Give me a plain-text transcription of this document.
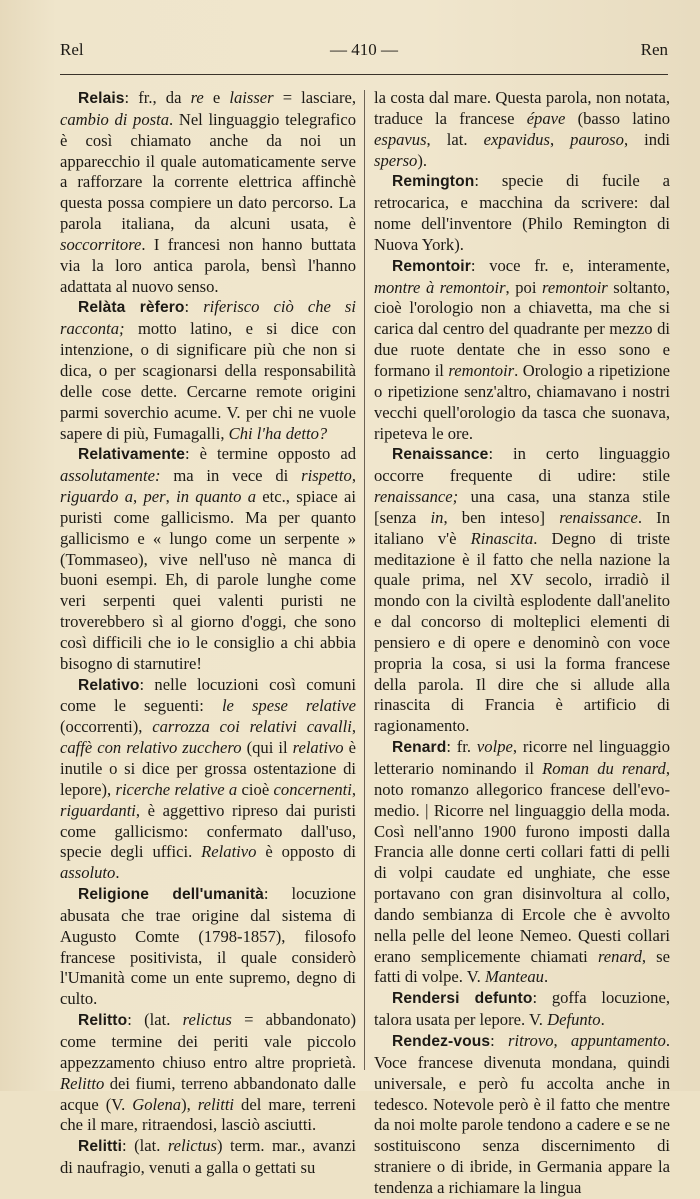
Rel	— 410 —	Ren

Relais: fr., da re e laisser = lasciare, cambio di posta. Nel linguaggio telegrafico è così chiamato anche da noi un apparecchio il quale automaticamente serve a rafforzare la corrente elettrica affinchè questa possa compiere un dato percorso. La parola italiana, da alcuni usata, è soccorritore. I francesi non hanno buttata via la loro antica parola, bensì l'hanno adattata al nuovo senso.

Relàta rèfero: riferisco ciò che si racconta; motto latino, e si dice con intenzione, o di significare più che non si dica, o per scagionarsi della responsabilità delle cose dette. Cercarne remote origini parmi soverchio acume. V. per chi ne vuole sapere di più, Fumagalli, Chi l'ha detto?

Relativamente: è termine opposto ad assolutamente: ma in vece di rispetto, riguardo a, per, in quanto a etc., spiace ai puristi come gallicismo. Ma per quanto gallicismo e « lungo come un serpente » (Tommaseo), vive nell'uso nè manca di buoni esempi. Eh, di parole lunghe come veri serpenti quei valenti puristi ne troverebbero sì al giorno d'oggi, che sono così difficili che io le consiglio a chi abbia bisogno di starnutire!

Relativo: nelle locuzioni così comuni come le seguenti: le spese relative (occorrenti), carrozza coi relativi cavalli, caffè con relativo zucchero (qui il relativo è inutile o si dice per grossa ostentazione di lepore), ricerche relative a cioè concernenti, riguardanti, è aggettivo ripreso dai puristi come gallicismo: confermato dall'uso, specie degli uffici. Relativo è opposto di assoluto.

Religione dell'umanità: locuzione abusata che trae origine dal sistema di Augusto Comte (1798-1857), filosofo francese positivista, il quale considerò l'Umanità come un ente supremo, degno di culto.

Relitto: (lat. relictus = abbandonato) come termine dei periti vale piccolo appezzamento chiuso entro altre proprietà. Relitto dei fiumi, terreno abbandonato dalle acque (V. Golena), relitti del mare, terreni che il mare, ritraendosi, lasciò asciutti.

Relitti: (lat. relictus) term. mar., avanzi di naufragio, venuti a galla o gettati su

la costa dal mare. Questa parola, non notata, traduce la francese épave (basso latino espavus, lat. expavidus, pauroso, indi sperso).

Remington: specie di fucile a retrocarica, e macchina da scrivere: dal nome dell'inventore (Philo Remington di Nuova York).

Remontoir: voce fr. e, interamente, montre à remontoir, poi remontoir soltanto, cioè l'orologio non a chiavetta, ma che si carica dal centro del quadrante per mezzo di due ruote dentate che in esso sono e formano il remontoir. Orologio a ripetizione o ripetizione senz'altro, chiamavano i nostri vecchi quell'orologio da tasca che suonava, ripeteva le ore.

Renaissance: in certo linguaggio occorre frequente di udire: stile renaissance; una casa, una stanza stile [senza in, ben inteso] renaissance. In italiano v'è Rinascita. Degno di triste meditazione è il fatto che nella nazione la quale prima, nel XV secolo, irradiò il mondo con la civiltà esplodente dall'anelito e dal concorso di molteplici elementi di pensiero e di opere e denominò con voce propria la cosa, si usi la forma francese della parola. Il dire che si allude alla rinascita di Francia è artificio di ragionamento.

Renard: fr. volpe, ricorre nel linguaggio letterario nominando il Roman du renard, noto romanzo allegorico francese dell'evo-medio. | Ricorre nel linguaggio della moda. Così nell'anno 1900 furono imposti dalla Francia alle donne certi collari fatti di pelli di volpi caudate ed unghiate, che esse portavano con gran disinvoltura al collo, dando sembianza di Ercole che è avvolto nella pelle del leone Nemeo. Questi collari erano semplicemente chiamati renard, se fatti di volpe. V. Manteau.

Rendersi defunto: goffa locuzione, talora usata per lepore. V. Defunto.

Rendez-vous: ritrovo, appuntamento. Voce francese divenuta mondana, quindi universale, e però fu accolta anche in tedesco. Notevole però è il fatto che mentre da noi molte parole tendono a cadere e se ne sostituiscono senza discernimento di straniere o di ibride, in Germania appare la tendenza a richiamare la lingua
